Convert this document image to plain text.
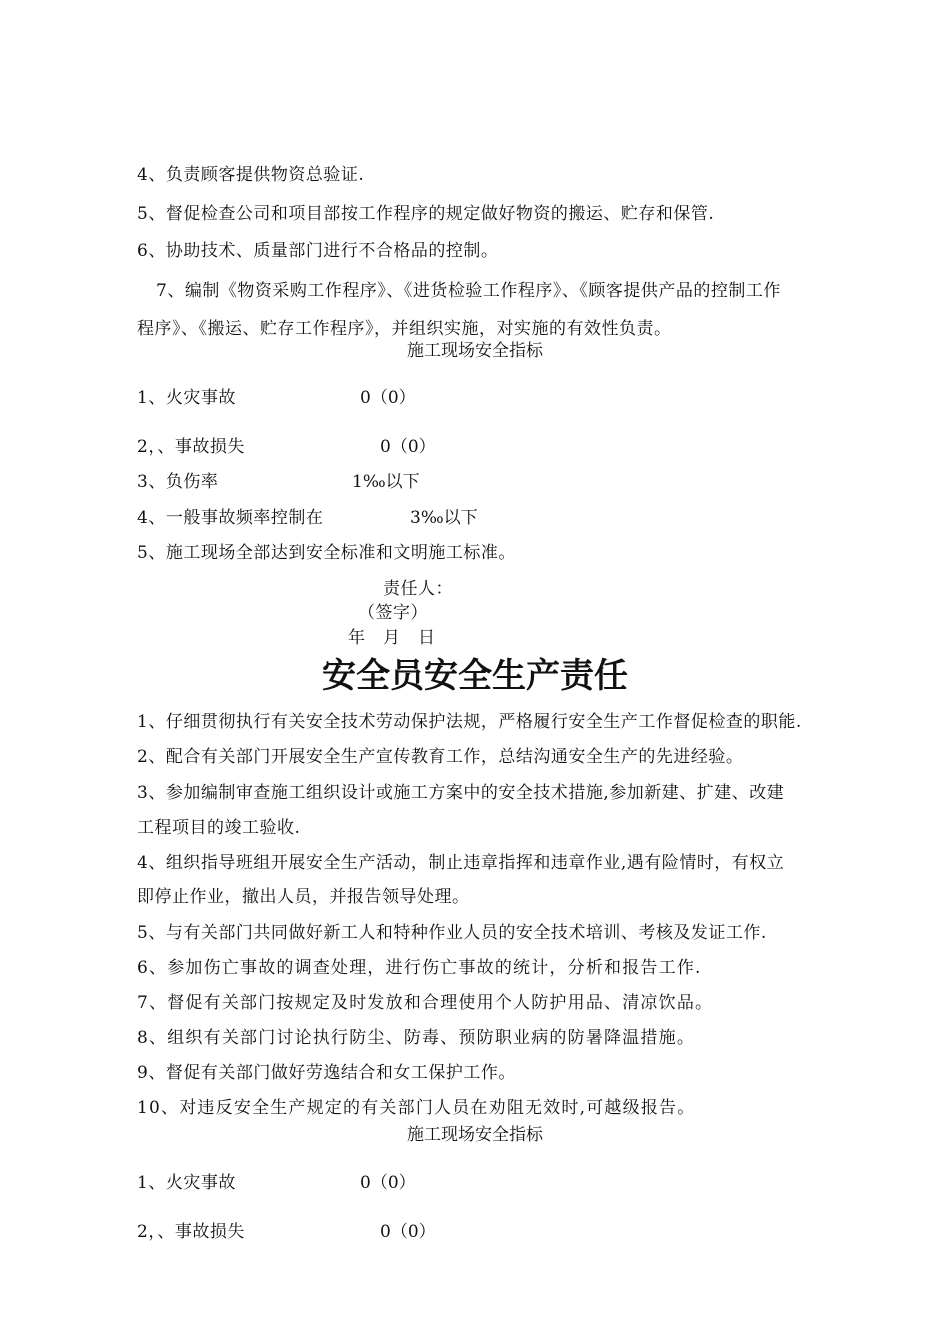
4、负责顾客提供物资总验证.
5、督促检查公司和项目部按工作程序的规定做好物资的搬运、贮存和保管.
6、协助技术、质量部门进行不合格品的控制。
7、编制《物资采购工作程序》、《进货检验工作程序》、《顾客提供产品的控制工作
程序》、《搬运、贮存工作程序》，并组织实施，对实施的有效性负责。
施工现场安全指标
1、火灾事故	0（0）
2，、事故损失	0（0）
3、负伤率	1‰以下
4、一般事故频率控制在	3‰以下
5、施工现场全部达到安全标准和文明施工标准。
责任人：
（签字）
年　月　日
安全员安全生产责任
1、仔细贯彻执行有关安全技术劳动保护法规，严格履行安全生产工作督促检查的职能.
2、配合有关部门开展安全生产宣传教育工作，总结沟通安全生产的先进经验。
3、参加编制审查施工组织设计或施工方案中的安全技术措施,参加新建、扩建、改建
工程项目的竣工验收.
4、组织指导班组开展安全生产活动，制止违章指挥和违章作业,遇有险情时，有权立
即停止作业，撤出人员，并报告领导处理。
5、与有关部门共同做好新工人和特种作业人员的安全技术培训、考核及发证工作.
6、参加伤亡事故的调查处理，进行伤亡事故的统计，分析和报告工作.
7、督促有关部门按规定及时发放和合理使用个人防护用品、清凉饮品。
8、组织有关部门讨论执行防尘、防毒、预防职业病的防暑降温措施。
9、督促有关部门做好劳逸结合和女工保护工作。
10、对违反安全生产规定的有关部门人员在劝阻无效时,可越级报告。
施工现场安全指标
1、火灾事故	0（0）
2，、事故损失	0（0）
